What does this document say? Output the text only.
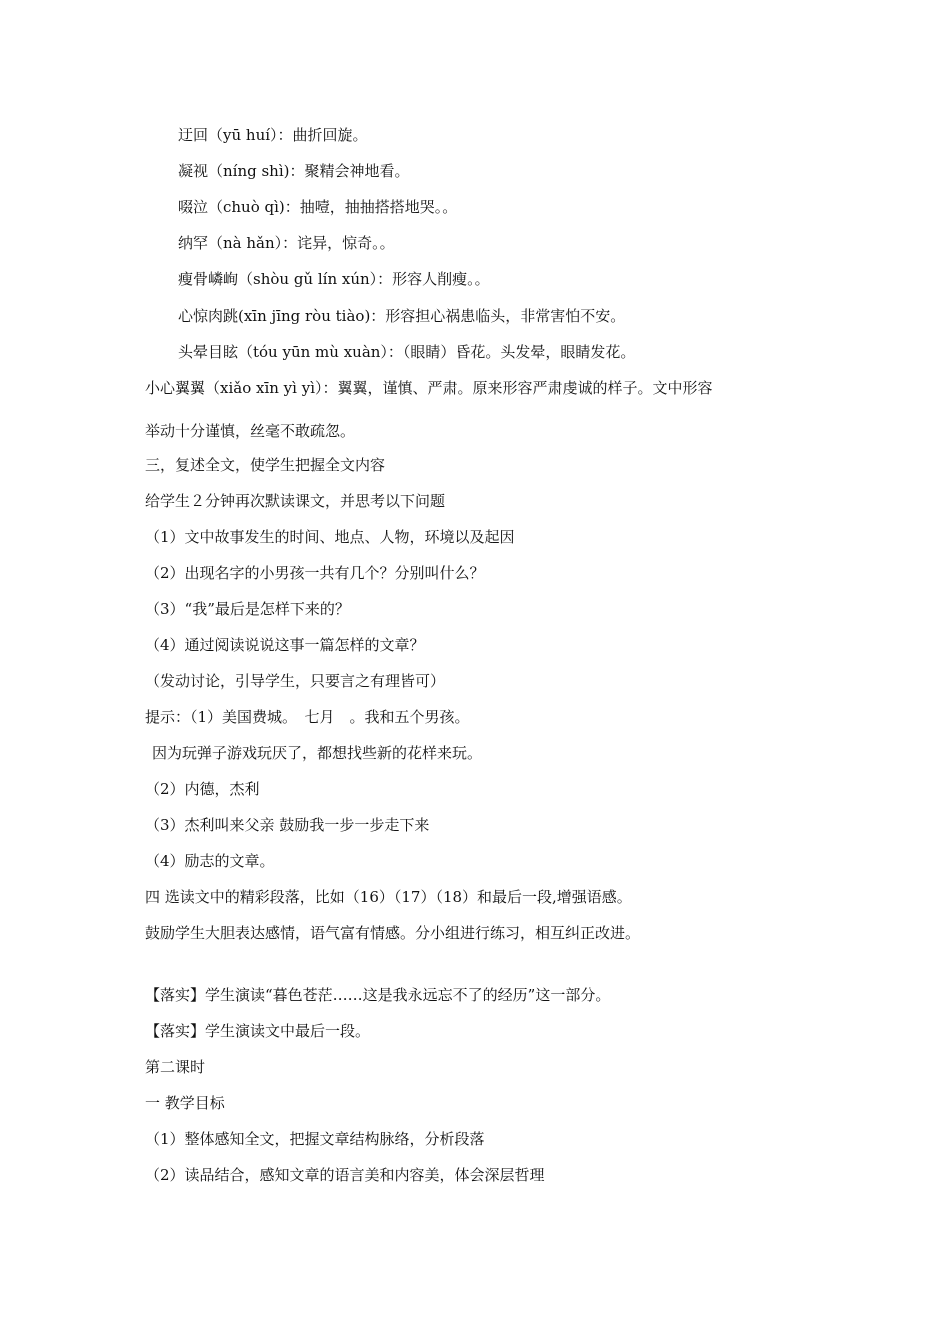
迂回（yū huí）：曲折回旋。
凝视（níng shì)：聚精会神地看。
啜泣（chuò qì)：抽噎，抽抽搭搭地哭。。
纳罕（nà hǎn）：诧异，惊奇。。
瘦骨嶙峋（shòu gǔ lín xún）：形容人削瘦。。
心惊肉跳(xīn jīng ròu tiào)：形容担心祸患临头，非常害怕不安。
头晕目眩（tóu yūn mù xuàn）：（眼睛）昏花。头发晕，眼睛发花。
小心翼翼（xiǎo xīn yì yì）：翼翼，谨慎、严肃。原来形容严肃虔诚的样子。文中形容
举动十分谨慎，丝毫不敢疏忽。
三，复述全文，使学生把握全文内容
给学生２分钟再次默读课文，并思考以下问题
（1）文中故事发生的时间、地点、人物，环境以及起因
（2）出现名字的小男孩一共有几个？分别叫什么？
（3）“我”最后是怎样下来的？
（4）通过阅读说说这事一篇怎样的文章？
（发动讨论，引导学生，只要言之有理皆可）
提示：（1）美国费城。　七月　。我和五个男孩。
因为玩弹子游戏玩厌了，都想找些新的花样来玩。
（2）内德，杰利
（3）杰利叫来父亲 鼓励我一步一步走下来
（4）励志的文章。
四 选读文中的精彩段落，比如（16）（17）（18）和最后一段,增强语感。
鼓励学生大胆表达感情，语气富有情感。分小组进行练习，相互纠正改进。
【落实】学生演读“暮色苍茫……这是我永远忘不了的经历”这一部分。
【落实】学生演读文中最后一段。
第二课时
一 教学目标
（1）整体感知全文，把握文章结构脉络，分析段落
（2）读品结合，感知文章的语言美和内容美，体会深层哲理
